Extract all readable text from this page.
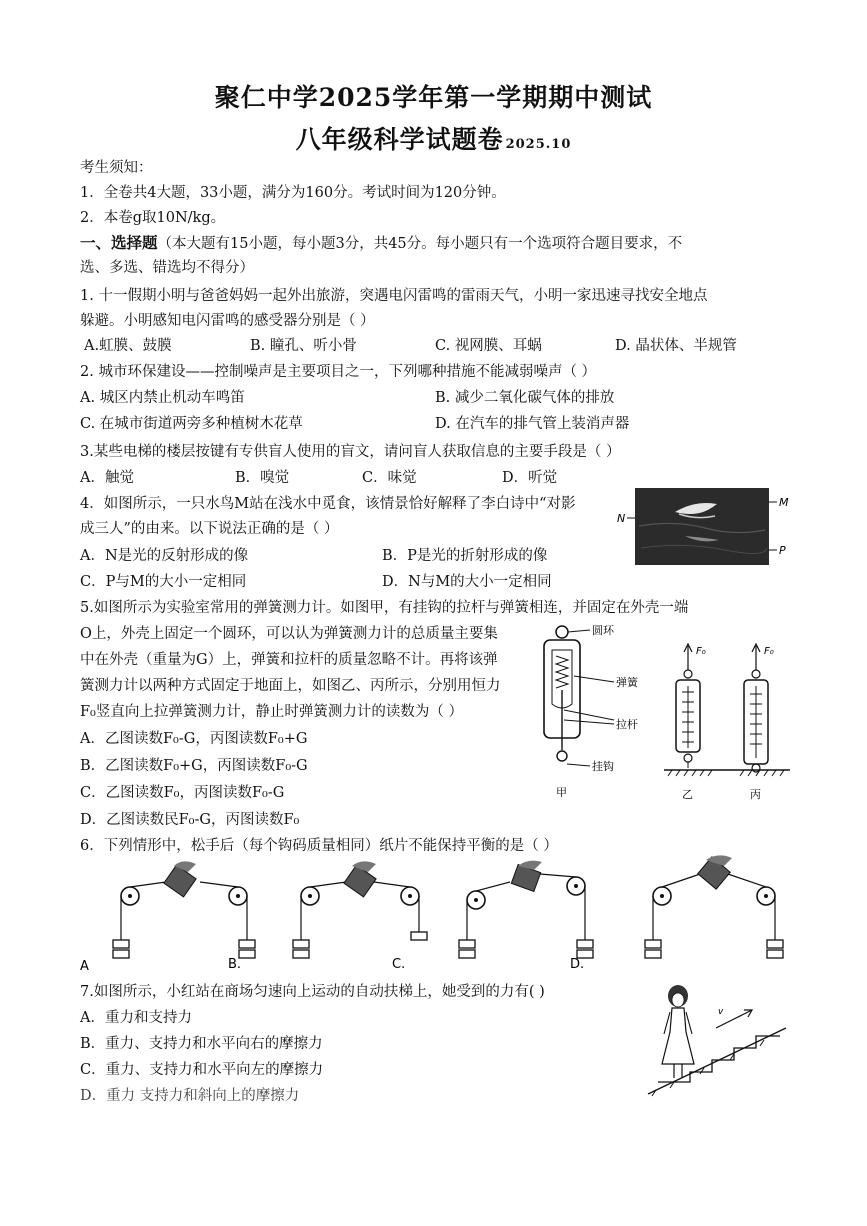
聚仁中学2025学年第一学期期中测试
八年级科学试题卷 2025.10
考生须知：
1．全卷共4大题，33小题，满分为160分。考试时间为120分钟。
2．本卷g取10N/kg。
一、选择题（本大题有15小题，每小题3分，共45分。每小题只有一个选项符合题目要求，不
选、多选、错选均不得分）
1. 十一假期小明与爸爸妈妈一起外出旅游，突遇电闪雷鸣的雷雨天气，小明一家迅速寻找安全地点
躲避。小明感知电闪雷鸣的感受器分别是（ ）
A.虹膜、鼓膜	B. 瞳孔、听小骨	C. 视网膜、耳蜗	D. 晶状体、半规管
2. 城市环保建设——控制噪声是主要项目之一，下列哪种措施不能减弱噪声（ ）
A. 城区内禁止机动车鸣笛	B. 减少二氧化碳气体的排放
C. 在城市街道两旁多种植树木花草	D. 在汽车的排气管上装消声器
3.某些电梯的楼层按键有专供盲人使用的盲文，请问盲人获取信息的主要手段是（ ）
A．触觉	B．嗅觉	C．味觉	D．听觉
4．如图所示，一只水鸟M站在浅水中觅食，该情景恰好解释了李白诗中“对影
成三人”的由来。以下说法正确的是（ ）
A．N是光的反射形成的像	B．P是光的折射形成的像
C．P与M的大小一定相同	D．N与M的大小一定相同
M
N
P
5.如图所示为实验室常用的弹簧测力计。如图甲，有挂钩的拉杆与弹簧相连，并固定在外壳一端
O上，外壳上固定一个圆环，可以认为弹簧测力计的总质量主要集
中在外壳（重量为G）上，弹簧和拉杆的质量忽略不计。再将该弹
簧测力计以两种方式固定于地面上，如图乙、丙所示，分别用恒力
F₀竖直向上拉弹簧测力计，静止时弹簧测力计的读数为（ ）
A．乙图读数F₀-G，丙图读数F₀+G
B．乙图读数F₀+G，丙图读数F₀-G
C．乙图读数F₀，丙图读数F₀-G
D．乙图读数民F₀-G，丙图读数F₀
圆环
弹簧
拉杆
挂钩
甲
F₀	F₀
乙	丙
6．下列情形中，松手后（每个钩码质量相同）纸片不能保持平衡的是（ ）
A	B.	C.	D.
7.如图所示，小红站在商场匀速向上运动的自动扶梯上，她受到的力有( )
A．重力和支持力
B．重力、支持力和水平向右的摩擦力
C．重力、支持力和水平向左的摩擦力
D．重力 支持力和斜向上的摩擦力
v
